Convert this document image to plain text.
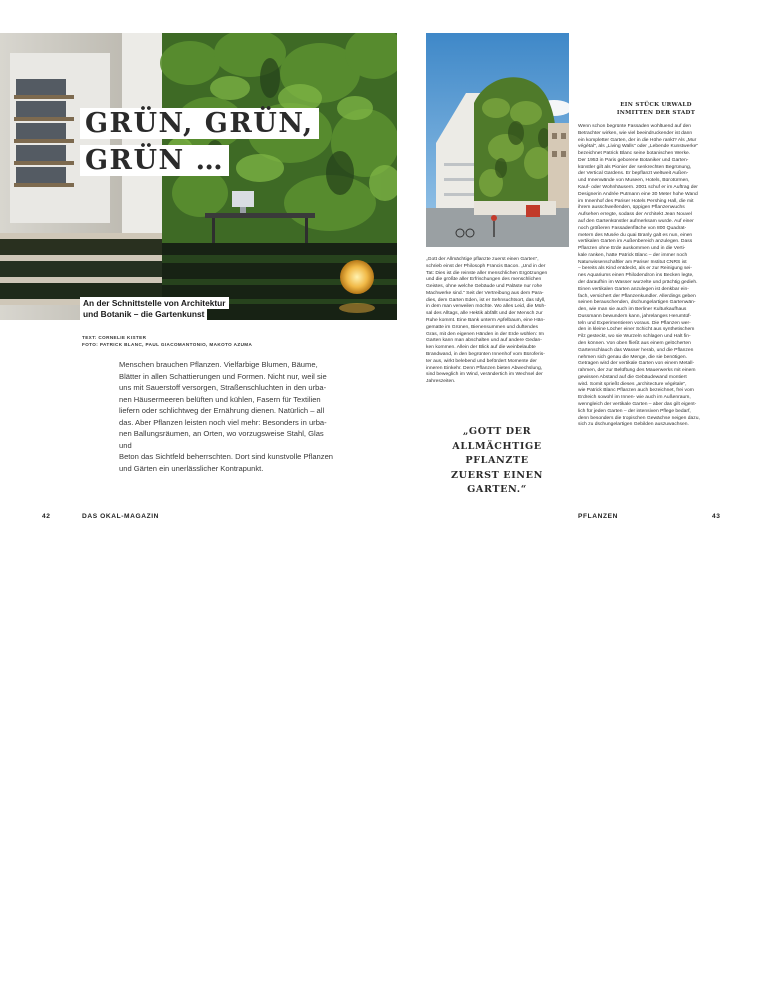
GRÜN, GRÜN,
GRÜN …
An der Schnittstelle von Architektur
und Botanik – die Gartenkunst
TEXT: CORNELIE KISTER
FOTO: PATRICK BLANC, PAUL GIACOMANTONIO, MAKOTO AZUMA
Menschen brauchen Pflanzen. Vielfarbige Blumen, Bäume,
Blätter in allen Schattierungen und Formen. Nicht nur, weil sie
uns mit Sauerstoff versorgen, Straßenschluchten in den urba-
nen Häusermeeren belüften und kühlen, Fasern für Textilien
liefern oder schlichtweg der Ernährung dienen. Natürlich – all
das. Aber Pflanzen leisten noch viel mehr: Besonders in urba-
nen Ballungsräumen, an Orten, wo vorzugsweise Stahl, Glas und
Beton das Sichtfeld beherrschten. Dort sind kunstvolle Pflanzen
und Gärten ein unerlässlicher Kontrapunkt.
„Gott der Allmächtige pflanzte zuerst einen Garten",
schrieb einst der Philosoph Francis Bacon. „Und in der
Tat: Dies ist die reinste aller menschlichen Ergötzungen
und die größte aller Erfrischungen des menschlichen
Geistes, ohne welche Gebäude und Paläste nur rohe
Machwerke sind." Seit der Vertreibung aus dem Para-
dies, dem Garten Eden, ist er Sehnsuchtsort, das Idyll,
in dem man verweilen möchte. Wo alles Leid, die Müh-
sal des Alltags, alle Hektik abfällt und der Mensch zur
Ruhe kommt. Eine Bank unterm Apfelbaum, eine Hän-
gematte im Grünen, Bienensummen und duftendes
Gras, mit den eigenen Händen in der Erde wühlen: Im
Garten kann man abschalten und auf andere Gedan-
ken kommen. Allein der Blick auf die weinbelaubte
Brandwand, in den begrünten Innenhof vom Büroferis-
ter aus, wirkt belebend und befördert Momente der
inneren Einkehr. Denn Pflanzen bieten Abwechslung,
sind beweglich im Wind, verändertich im Wechsel der
Jahreszeiten.
„GOTT DER
ALLMÄCHTIGE
PFLANZTE
ZUERST EINEN
GARTEN.“
EIN STÜCK URWALD
INMITTEN DER STADT
Wenn schon begrünte Fassaden wohltuend auf den
Betrachter wirken, wie viel beeindruckender ist dann
ein kompletter Garten, der in die Höhe rankt? Als „Mur
végétal", als „Living Walls" oder „Lebende Kunstwerke"
bezeichnet Patrick Blanc seine botanischen Werke.
Der 1953 in Paris geborene Botaniker und Garten-
künstler gilt als Pionier der senkrechten Begrünung,
der Vertical Gardens. Er bepflanzt weltweit Außen-
und Innenwände von Museen, Hotels, Bürotürmen,
Kauf- oder Wohnhäusern. 2001 schuf er im Auftrag der
Designerin Andrée Putmann eine 30 Meter hohe Wand
im Innenhof des Pariser Hotels Pershing Hall, die mit
ihrem ausschweifenden, üppigen Pflanzenwuchs
Aufsehen erregte, sodass der Architekt Jean Nouvel
auf den Gartenkünstler aufmerksam wurde. Auf einer
noch größeren Fassadenfläche von 800 Quadrat-
metern des Musée du quai Branly galt es nun, einen
vertikalen Garten im Außenbereich anzulegen. Dass
Pflanzen ohne Erde auskommen und in die Verti-
kale ranken, hatte Patrick Blanc – der immer noch
Naturwissenschaftler am Pariser Institut CNRS ist
– bereits als Kind entdeckt, als er zur Reinigung sei-
nes Aquariums einen Philodendron ins Becken legte,
der daraufhin im Wasser wurzelte und prächtig gedieh.
Einen vertikalen Garten anzulegen ist denkbar ein-
fach, versichert der Pflanzenkundler. Allerdings geben
seinen berauschenden, dschungelartigen Gartenwän-
den, wie man sie auch im Berliner Kulturkaufhaus
Dussmann bewundern kann, jahrelanges Herumtüf-
teln und Experimentieren voraus. Die Pflanzen wer-
den in kleine Löcher einer Schicht aus synthetischem
Filz gesteckt, wo sie Wurzeln schlagen und Halt fin-
den können. Von oben fließt aus einem gelöcherten
Gartenschlauch das Wasser herab, und die Pflanzen
nehmen sich genau die Menge, die sie benötigen.
Getragen wird der vertikale Garten von einem Metall-
rahmen, der zur Belüftung des Mauerwerks mit einem
gewissen Abstand auf die Gebäudewand montiert
wird. Somit sprießt dieses „architecture végétale",
wie Patrick Blanc Pflanzen auch bezeichnet, frei vom
Erdreich sowohl im Innen- wie auch im Außenraum,
wenngleich der vertikale Garten – aber das gilt eigent-
lich für jeden Garten – der intensiven Pflege bedarf,
denn besonders die tropischen Gewächse neigen dazu,
sich zu dschungelartigen Gebilden auszuwachsen.
42	DAS OKAL-MAGAZIN	PFLANZEN	43
